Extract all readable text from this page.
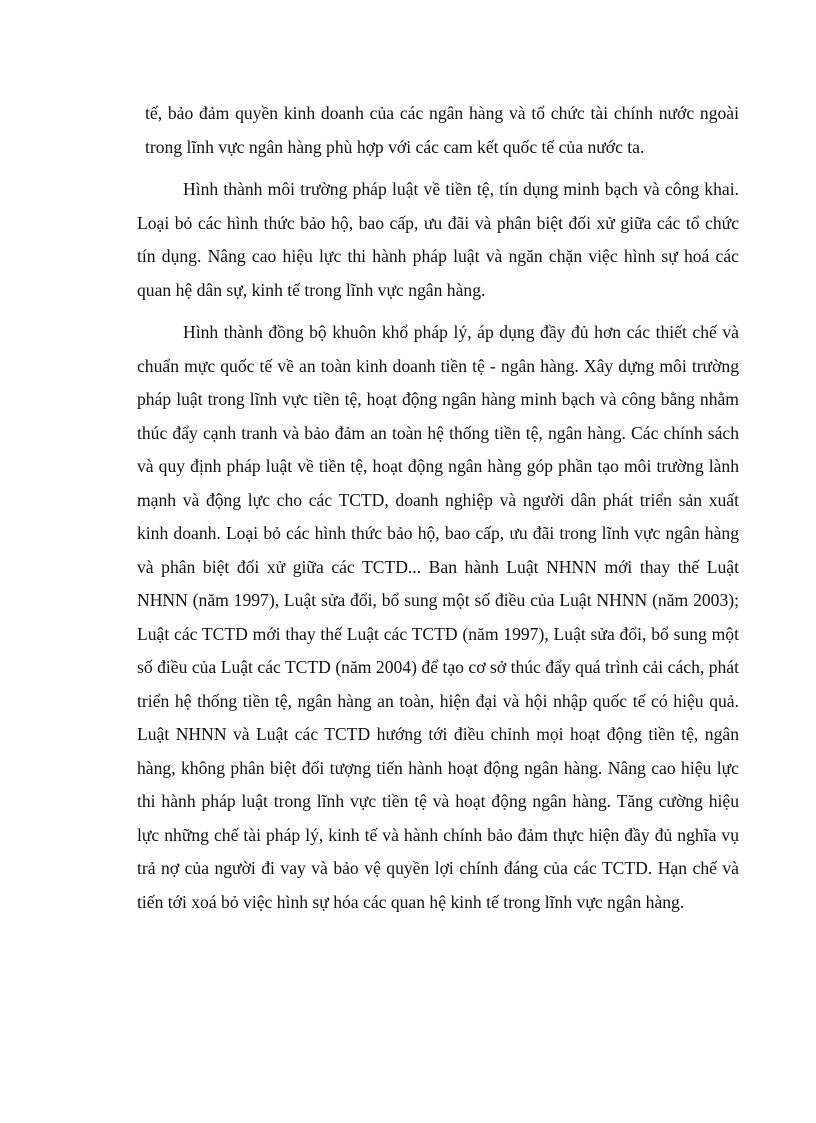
tế, bảo đảm quyền kinh doanh của các ngân hàng và tổ chức tài chính nước ngoài trong lĩnh vực ngân hàng phù hợp với các cam kết quốc tế của nước ta.

Hình thành môi trường pháp luật về tiền tệ, tín dụng minh bạch và công khai. Loại bỏ các hình thức bảo hộ, bao cấp, ưu đãi và phân biệt đối xử giữa các tổ chức tín dụng. Nâng cao hiệu lực thi hành pháp luật và ngăn chặn việc hình sự hoá các quan hệ dân sự, kinh tế trong lĩnh vực ngân hàng.

Hình thành đồng bộ khuôn khổ pháp lý, áp dụng đầy đủ hơn các thiết chế và chuẩn mực quốc tế về an toàn kinh doanh tiền tệ - ngân hàng. Xây dựng môi trường pháp luật trong lĩnh vực tiền tệ, hoạt động ngân hàng minh bạch và công bằng nhằm thúc đẩy cạnh tranh và bảo đảm an toàn hệ thống tiền tệ, ngân hàng. Các chính sách và quy định pháp luật về tiền tệ, hoạt động ngân hàng góp phần tạo môi trường lành mạnh và động lực cho các TCTD, doanh nghiệp và người dân phát triển sản xuất kinh doanh. Loại bỏ các hình thức bảo hộ, bao cấp, ưu đãi trong lĩnh vực ngân hàng và phân biệt đối xử giữa các TCTD... Ban hành Luật NHNN mới thay thế Luật NHNN (năm 1997), Luật sửa đổi, bổ sung một số điều của Luật NHNN (năm 2003); Luật các TCTD mới thay thế Luật các TCTD (năm 1997), Luật sửa đổi, bổ sung một số điều của Luật các TCTD (năm 2004) để tạo cơ sở thúc đẩy quá trình cải cách, phát triển hệ thống tiền tệ, ngân hàng an toàn, hiện đại và hội nhập quốc tế có hiệu quả. Luật NHNN và Luật các TCTD hướng tới điều chỉnh mọi hoạt động tiền tệ, ngân hàng, không phân biệt đối tượng tiến hành hoạt động ngân hàng. Nâng cao hiệu lực thi hành pháp luật trong lĩnh vực tiền tệ và hoạt động ngân hàng. Tăng cường hiệu lực những chế tài pháp lý, kinh tế và hành chính bảo đảm thực hiện đầy đủ nghĩa vụ trả nợ của người đi vay và bảo vệ quyền lợi chính đáng của các TCTD. Hạn chế và tiến tới xoá bỏ việc hình sự hóa các quan hệ kinh tế trong lĩnh vực ngân hàng.
